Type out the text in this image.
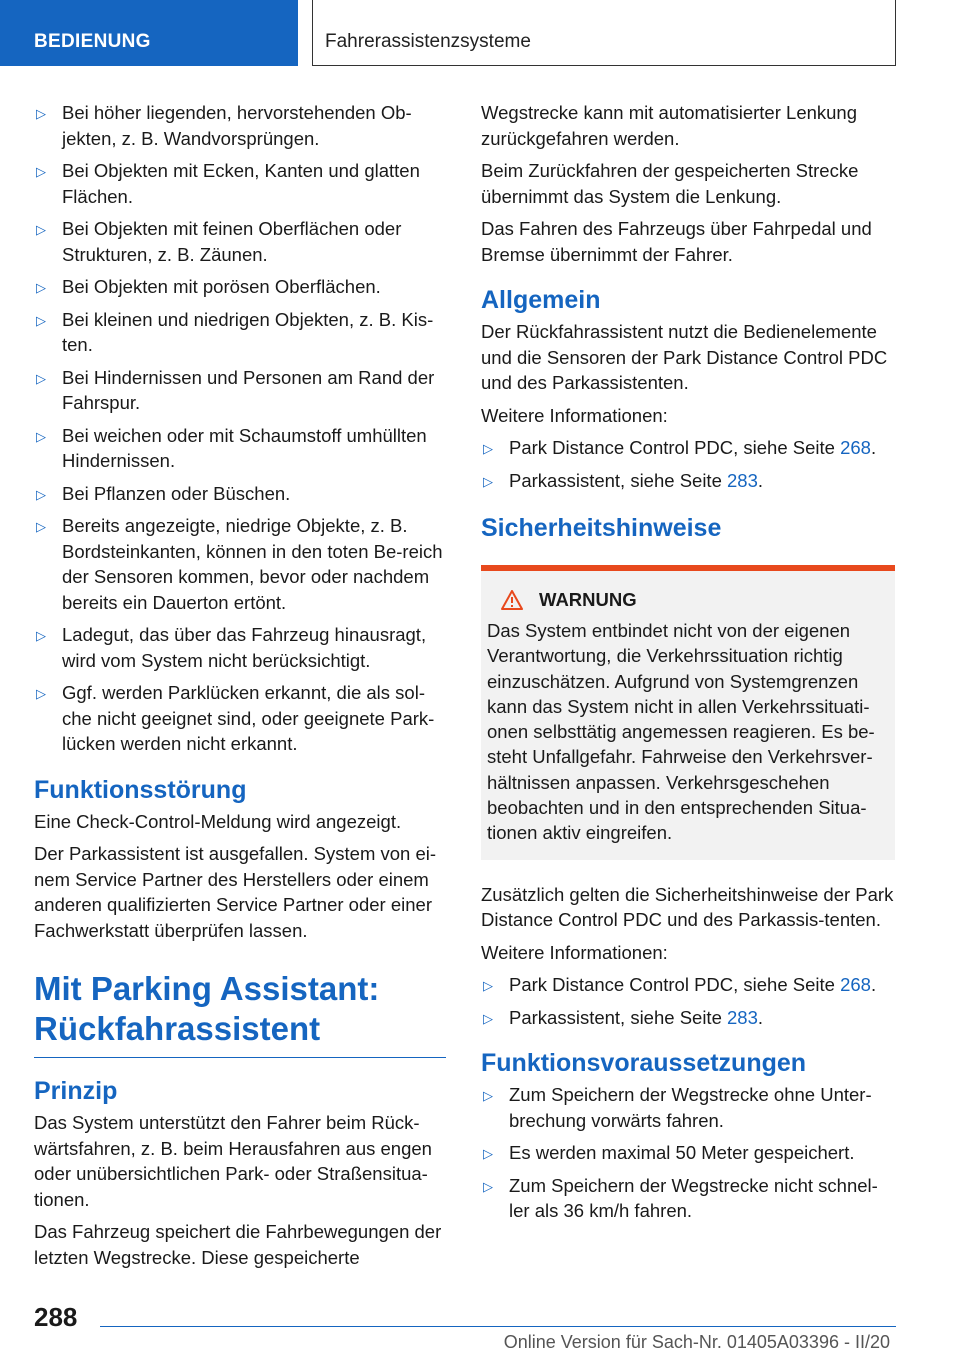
BEDIENUNG	Fahrerassistenzsysteme
▷ Bei höher liegenden, hervorstehenden Ob-jekten, z. B. Wandvorsprüngen.
▷ Bei Objekten mit Ecken, Kanten und glatten Flächen.
▷ Bei Objekten mit feinen Oberflächen oder Strukturen, z. B. Zäunen.
▷ Bei Objekten mit porösen Oberflächen.
▷ Bei kleinen und niedrigen Objekten, z. B. Kis-ten.
▷ Bei Hindernissen und Personen am Rand der Fahrspur.
▷ Bei weichen oder mit Schaumstoff umhüllten Hindernissen.
▷ Bei Pflanzen oder Büschen.
▷ Bereits angezeigte, niedrige Objekte, z. B. Bordsteinkanten, können in den toten Be-reich der Sensoren kommen, bevor oder nachdem bereits ein Dauerton ertönt.
▷ Ladegut, das über das Fahrzeug hinausragt, wird vom System nicht berücksichtigt.
▷ Ggf. werden Parklücken erkannt, die als sol-che nicht geeignet sind, oder geeignete Park-lücken werden nicht erkannt.
Funktionsstörung

Eine Check-Control-Meldung wird angezeigt.

Der Parkassistent ist ausgefallen. System von ei-nem Service Partner des Herstellers oder einem anderen qualifizierten Service Partner oder einer Fachwerkstatt überprüfen lassen.

Mit Parking Assistant:
Rückfahrassistent
Prinzip

Das System unterstützt den Fahrer beim Rück-wärtsfahren, z. B. beim Herausfahren aus engen oder unübersichtlichen Park- oder Straßensitua-tionen.

Das Fahrzeug speichert die Fahrbewegungen der letzten Wegstrecke. Diese gespeicherte

Wegstrecke kann mit automatisierter Lenkung zurückgefahren werden.

Beim Zurückfahren der gespeicherten Strecke übernimmt das System die Lenkung.

Das Fahren des Fahrzeugs über Fahrpedal und Bremse übernimmt der Fahrer.

Allgemein

Der Rückfahrassistent nutzt die Bedienelemente und die Sensoren der Park Distance Control PDC und des Parkassistenten.

Weitere Informationen:

▷ Park Distance Control PDC, siehe Seite 268.
▷ Parkassistent, siehe Seite 283.
Sicherheitshinweise
WARNUNG
Das System entbindet nicht von der eigenen Verantwortung, die Verkehrssituation richtig einzuschätzen. Aufgrund von Systemgrenzen kann das System nicht in allen Verkehrssituati-onen selbsttätig angemessen reagieren. Es be-steht Unfallgefahr. Fahrweise den Verkehrsver-hältnissen anpassen. Verkehrsgeschehen beobachten und in den entsprechenden Situa-tionen aktiv eingreifen.

Zusätzlich gelten die Sicherheitshinweise der Park Distance Control PDC und des Parkassis-tenten.

Weitere Informationen:

▷ Park Distance Control PDC, siehe Seite 268.
▷ Parkassistent, siehe Seite 283.
Funktionsvoraussetzungen
▷ Zum Speichern der Wegstrecke ohne Unter-brechung vorwärts fahren.
▷ Es werden maximal 50 Meter gespeichert.
▷ Zum Speichern der Wegstrecke nicht schnel-ler als 36 km/h fahren.
288
Online Version für Sach-Nr. 01405A03396 - II/20
